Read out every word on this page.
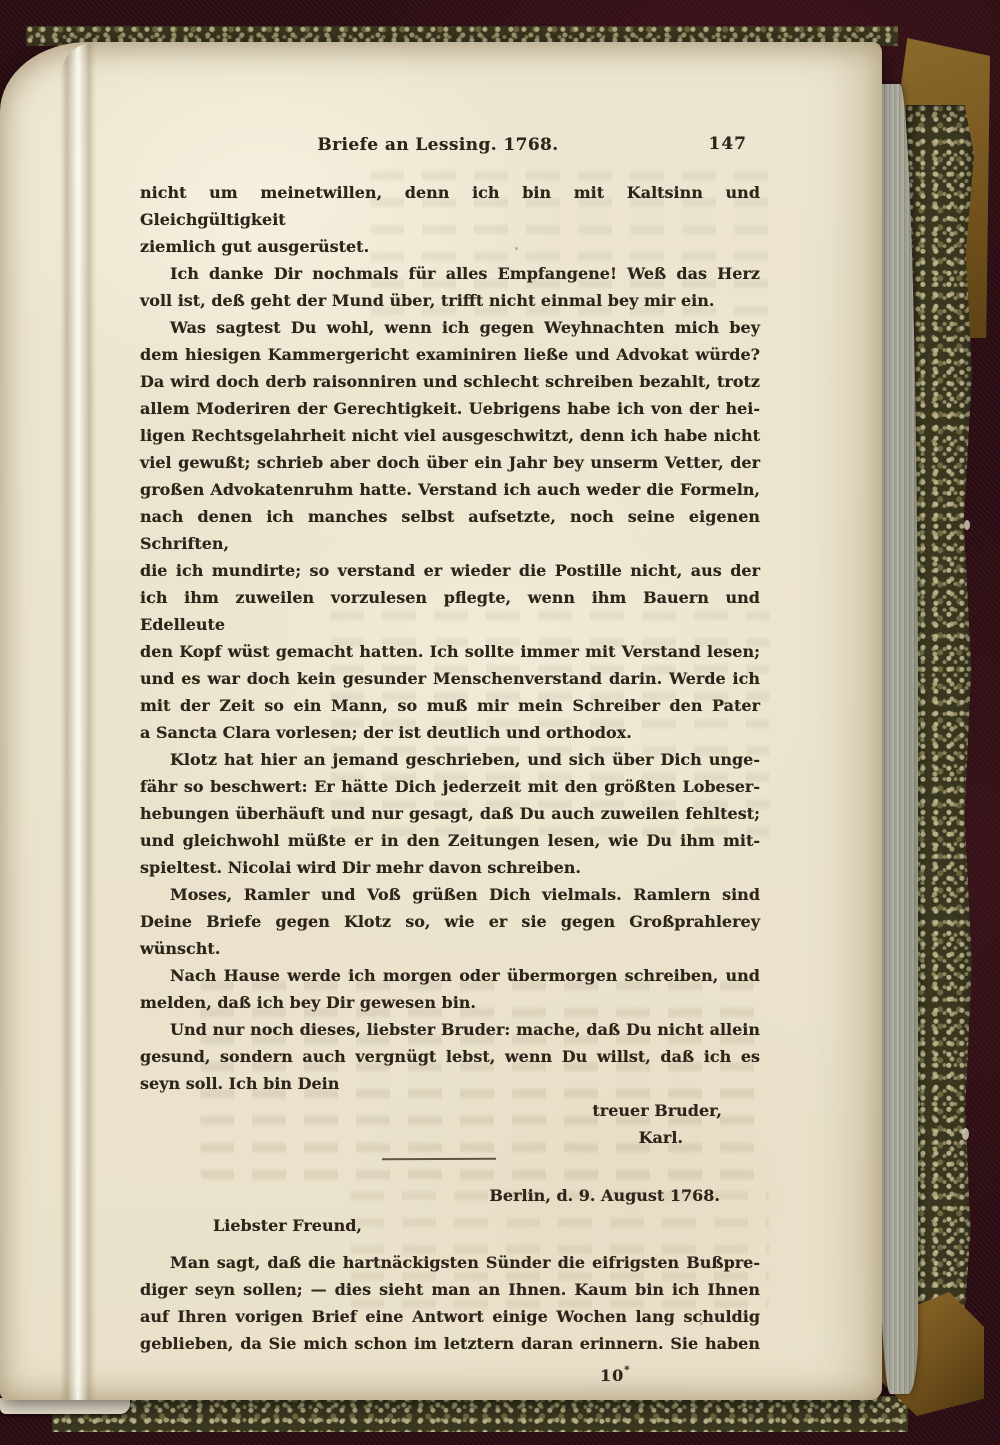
Briefe an Lessing. 1768.	147
nicht um meinetwillen, denn ich bin mit Kaltsinn und Gleichgültigkeit
ziemlich gut ausgerüstet.
Ich danke Dir nochmals für alles Empfangene! Weß das Herz
voll ist, deß geht der Mund über, trifft nicht einmal bey mir ein.
Was sagtest Du wohl, wenn ich gegen Weyhnachten mich bey
dem hiesigen Kammergericht examiniren ließe und Advokat würde?
Da wird doch derb raisonniren und schlecht schreiben bezahlt, trotz
allem Moderiren der Gerechtigkeit. Uebrigens habe ich von der hei-
ligen Rechtsgelahrheit nicht viel ausgeschwitzt, denn ich habe nicht
viel gewußt; schrieb aber doch über ein Jahr bey unserm Vetter, der
großen Advokatenruhm hatte. Verstand ich auch weder die Formeln,
nach denen ich manches selbst aufsetzte, noch seine eigenen Schriften,
die ich mundirte; so verstand er wieder die Postille nicht, aus der
ich ihm zuweilen vorzulesen pflegte, wenn ihm Bauern und Edelleute
den Kopf wüst gemacht hatten. Ich sollte immer mit Verstand lesen;
und es war doch kein gesunder Menschenverstand darin. Werde ich
mit der Zeit so ein Mann, so muß mir mein Schreiber den Pater
a Sancta Clara vorlesen; der ist deutlich und orthodox.
Klotz hat hier an jemand geschrieben, und sich über Dich unge-
fähr so beschwert: Er hätte Dich jederzeit mit den größten Lobeser-
hebungen überhäuft und nur gesagt, daß Du auch zuweilen fehltest;
und gleichwohl müßte er in den Zeitungen lesen, wie Du ihm mit-
spieltest. Nicolai wird Dir mehr davon schreiben.
Moses, Ramler und Voß grüßen Dich vielmals. Ramlern sind
Deine Briefe gegen Klotz so, wie er sie gegen Großprahlerey wünscht.
Nach Hause werde ich morgen oder übermorgen schreiben, und
melden, daß ich bey Dir gewesen bin.
Und nur noch dieses, liebster Bruder: mache, daß Du nicht allein
gesund, sondern auch vergnügt lebst, wenn Du willst, daß ich es
seyn soll. Ich bin Dein
treuer Bruder,
Karl.
Berlin, d. 9. August 1768.
Liebster Freund,
Man sagt, daß die hartnäckigsten Sünder die eifrigsten Bußpre-
diger seyn sollen; — dies sieht man an Ihnen. Kaum bin ich Ihnen
auf Ihren vorigen Brief eine Antwort einige Wochen lang schuldig
geblieben, da Sie mich schon im letztern daran erinnern. Sie haben
10*
